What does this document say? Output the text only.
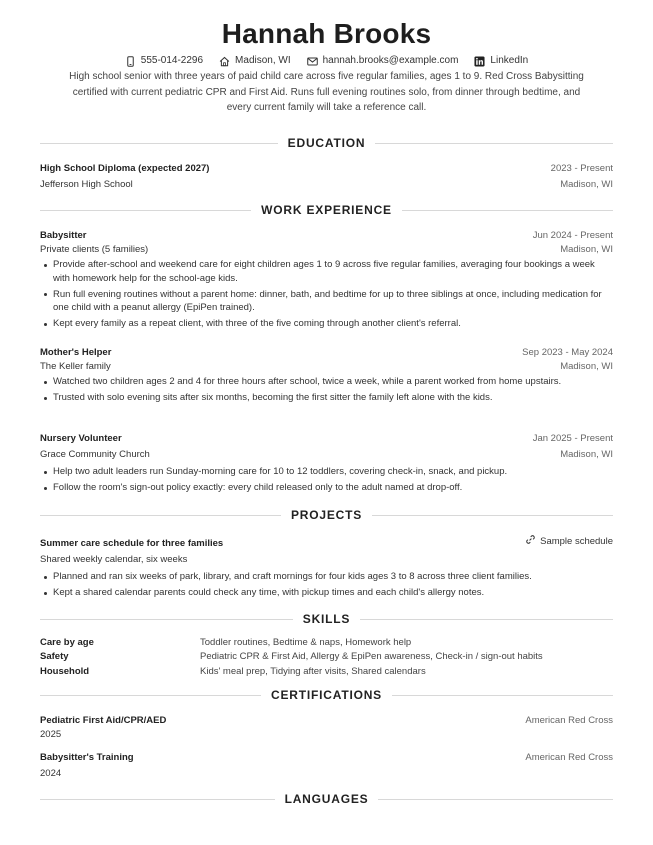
Hannah Brooks
555-014-2296	Madison, WI	hannah.brooks@example.com	LinkedIn
High school senior with three years of paid child care across five regular families, ages 1 to 9. Red Cross Babysitting certified with current pediatric CPR and First Aid. Runs full evening routines solo, from dinner through bedtime, and every current family will take a reference call.
EDUCATION
High School Diploma (expected 2027)	2023 - Present
Jefferson High School	Madison, WI
WORK EXPERIENCE
Babysitter	Jun 2024 - Present
Private clients (5 families)	Madison, WI
Provide after-school and weekend care for eight children ages 1 to 9 across five regular families, averaging four bookings a week with homework help for the school-age kids.
Run full evening routines without a parent home: dinner, bath, and bedtime for up to three siblings at once, including medication for one child with a peanut allergy (EpiPen trained).
Kept every family as a repeat client, with three of the five coming through another client's referral.
Mother's Helper	Sep 2023 - May 2024
The Keller family	Madison, WI
Watched two children ages 2 and 4 for three hours after school, twice a week, while a parent worked from home upstairs.
Trusted with solo evening sits after six months, becoming the first sitter the family left alone with the kids.
Nursery Volunteer	Jan 2025 - Present
Grace Community Church	Madison, WI
Help two adult leaders run Sunday-morning care for 10 to 12 toddlers, covering check-in, snack, and pickup.
Follow the room's sign-out policy exactly: every child released only to the adult named at drop-off.
PROJECTS
Summer care schedule for three families	Sample schedule
Shared weekly calendar, six weeks
Planned and ran six weeks of park, library, and craft mornings for four kids ages 3 to 8 across three client families.
Kept a shared calendar parents could check any time, with pickup times and each child's allergy notes.
SKILLS
Care by age	Toddler routines, Bedtime & naps, Homework help
Safety	Pediatric CPR & First Aid, Allergy & EpiPen awareness, Check-in / sign-out habits
Household	Kids' meal prep, Tidying after visits, Shared calendars
CERTIFICATIONS
Pediatric First Aid/CPR/AED	American Red Cross
2025
Babysitter's Training	American Red Cross
2024
LANGUAGES
